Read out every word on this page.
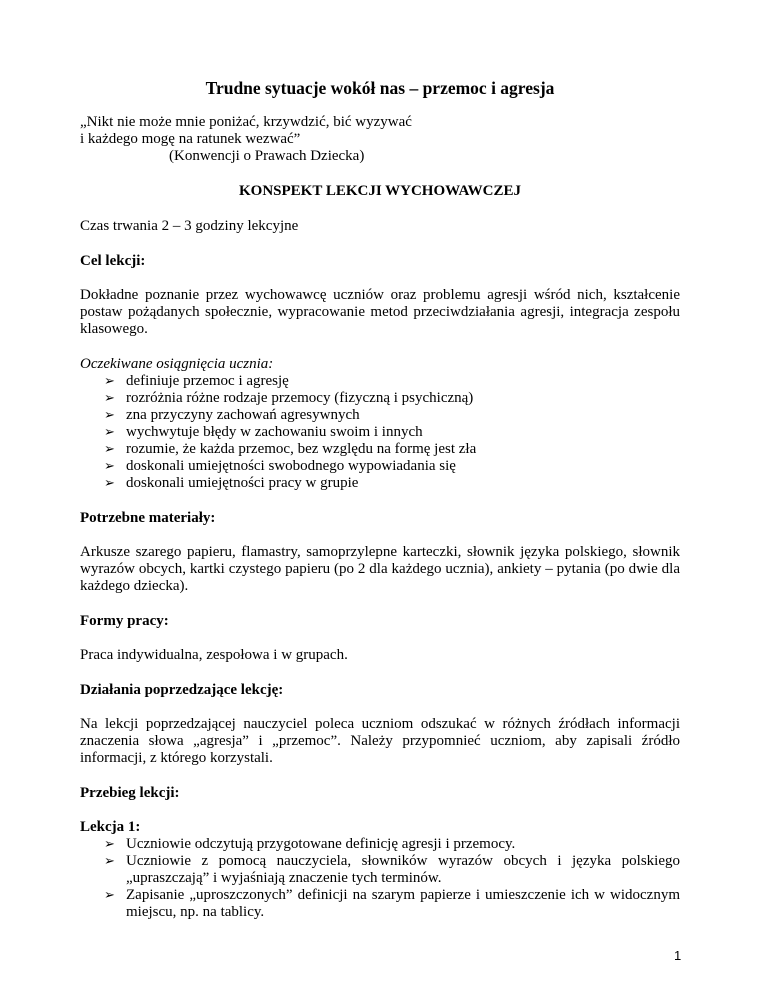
Trudne sytuacje wokół nas – przemoc i agresja
„Nikt nie może mnie poniżać, krzywdzić, bić wyzywać
i każdego mogę na ratunek wezwać”
(Konwencji o Prawach Dziecka)
KONSPEKT LEKCJI WYCHOWAWCZEJ

Czas trwania 2 – 3 godziny lekcyjne

Cel lekcji:

Dokładne poznanie przez wychowawcę uczniów oraz problemu agresji wśród nich, kształcenie postaw pożądanych społecznie, wypracowanie metod przeciwdziałania agresji, integracja zespołu klasowego.

Oczekiwane osiągnięcia ucznia:
➢ definiuje przemoc i agresję
➢ rozróżnia różne rodzaje przemocy (fizyczną i psychiczną)
➢ zna przyczyny zachowań agresywnych
➢ wychwytuje błędy w zachowaniu swoim i innych
➢ rozumie, że każda przemoc, bez względu na formę jest zła
➢ doskonali umiejętności swobodnego wypowiadania się
➢ doskonali umiejętności pracy w grupie
Potrzebne materiały:

Arkusze szarego papieru, flamastry, samoprzylepne karteczki, słownik języka polskiego, słownik wyrazów obcych, kartki czystego papieru (po 2 dla każdego ucznia), ankiety – pytania (po dwie dla każdego dziecka).

Formy pracy:

Praca indywidualna, zespołowa i w grupach.

Działania poprzedzające lekcję:

Na lekcji poprzedzającej nauczyciel poleca uczniom odszukać w różnych źródłach informacji znaczenia słowa „agresja” i „przemoc”. Należy przypomnieć uczniom, aby zapisali źródło informacji, z którego korzystali.

Przebieg lekcji:
Lekcja 1:
➢ Uczniowie odczytują przygotowane definicję agresji i przemocy.
➢ Uczniowie z pomocą nauczyciela, słowników wyrazów obcych i języka polskiego „upraszczają” i wyjaśniają znaczenie tych terminów.
➢ Zapisanie „uproszczonych” definicji na szarym papierze i umieszczenie ich w widocznym miejscu, np. na tablicy.
1
